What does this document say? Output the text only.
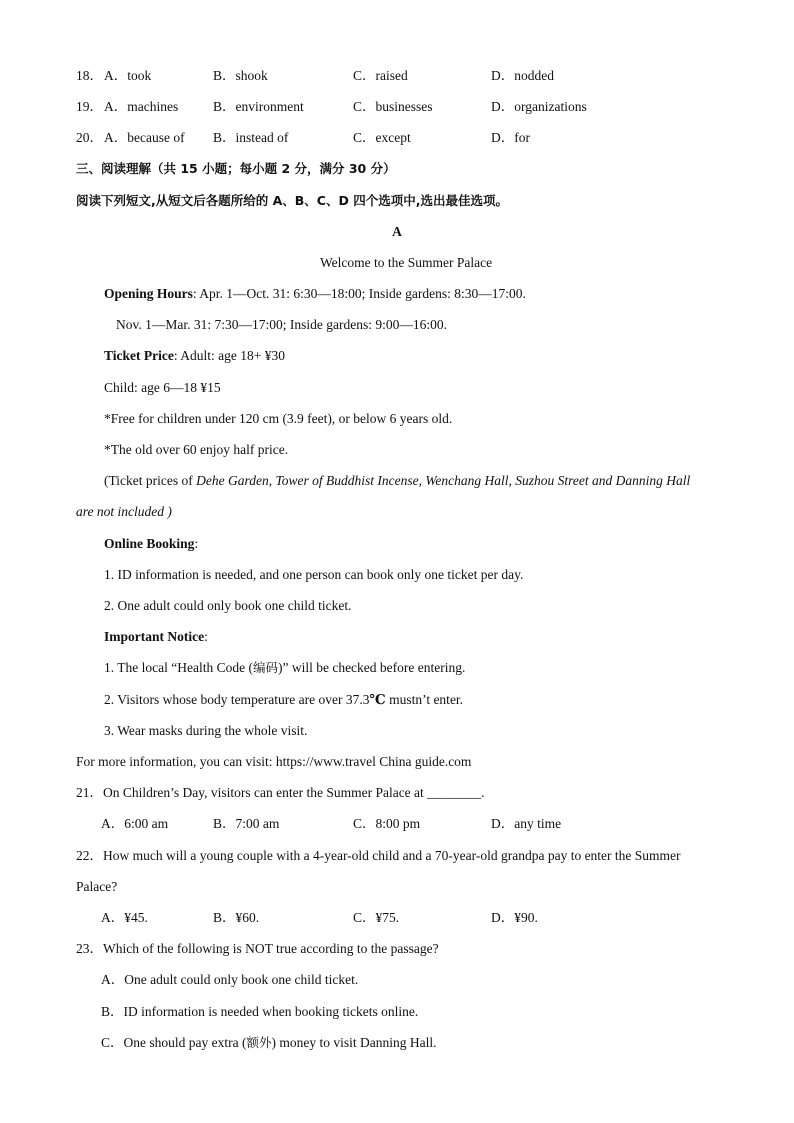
18． A．took	B．shook	C．raised	D．nodded
19． A．machines	B．environment	C．businesses	D．organizations
20． A．because of B．instead of	C．except	D．for
三、阅读理解（共 15 小题；每小题 2 分，满分 30 分）
阅读下列短文,从短文后各题所给的 A、B、C、D 四个选项中,选出最佳选项。
A
Welcome to the Summer Palace
Opening Hours: Apr. 1—Oct. 31: 6:30—18:00; Inside gardens: 8:30—17:00.
Nov. 1—Mar. 31: 7:30—17:00; Inside gardens: 9:00—16:00.
Ticket Price: Adult: age 18+ ¥30
Child: age 6—18 ¥15
*Free for children under 120 cm (3.9 feet), or below 6 years old.
*The old over 60 enjoy half price.
(Ticket prices of Dehe Garden, Tower of Buddhist Incense, Wenchang Hall, Suzhou Street and Danning Hall
are not included )
Online Booking:
1. ID information is needed, and one person can book only one ticket per day.
2. One adult could only book one child ticket.
Important Notice:
1. The local “Health Code (编码)” will be checked before entering.
2. Visitors whose body temperature are over 37.3℃ mustn’t enter.
3. Wear masks during the whole visit.
For more information, you can visit: https://www.travel China guide.com
21．On Children’s Day, visitors can enter the Summer Palace at ________.
A．6:00 am	B．7:00 am	C．8:00 pm	D．any time
22．How much will a young couple with a 4-year-old child and a 70-year-old grandpa pay to enter the Summer
Palace?
A．¥45.	B．¥60.	C．¥75.	D．¥90.
23．Which of the following is NOT true according to the passage?
A．One adult could only book one child ticket.
B．ID information is needed when booking tickets online.
C．One should pay extra (额外) money to visit Danning Hall.
